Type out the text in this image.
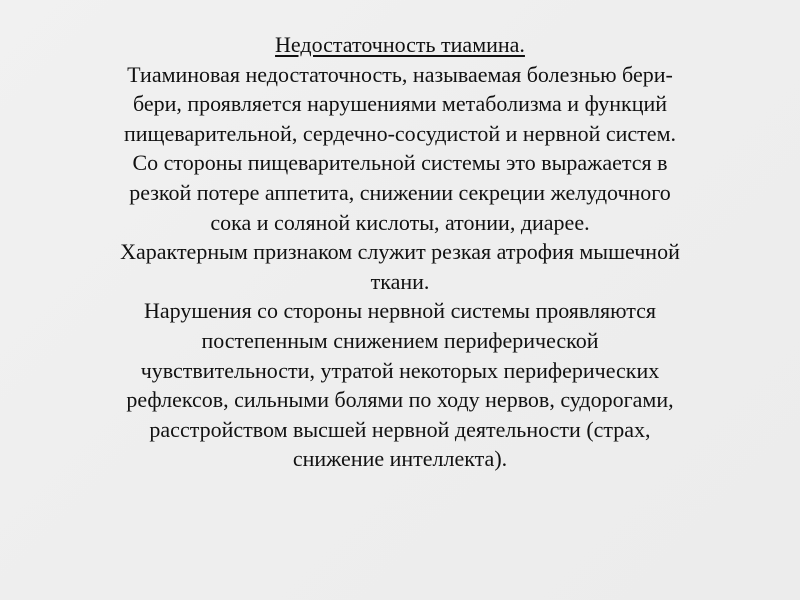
Недостаточность тиамина.
Тиаминовая недостаточность, называемая болезнью бери-
бери, проявляется нарушениями метаболизма и функций
пищеварительной, сердечно-сосудистой и нервной систем.
Со стороны пищеварительной системы это выражается в
резкой потере аппетита, снижении секреции желудочного
сока и соляной кислоты, атонии, диарее.
Характерным признаком служит резкая атрофия мышечной
ткани.
Нарушения со стороны нервной системы проявляются
постепенным снижением периферической
чувствительности, утратой некоторых периферических
рефлексов, сильными болями по ходу нервов, судорогами,
расстройством высшей нервной деятельности (страх,
снижение интеллекта).
